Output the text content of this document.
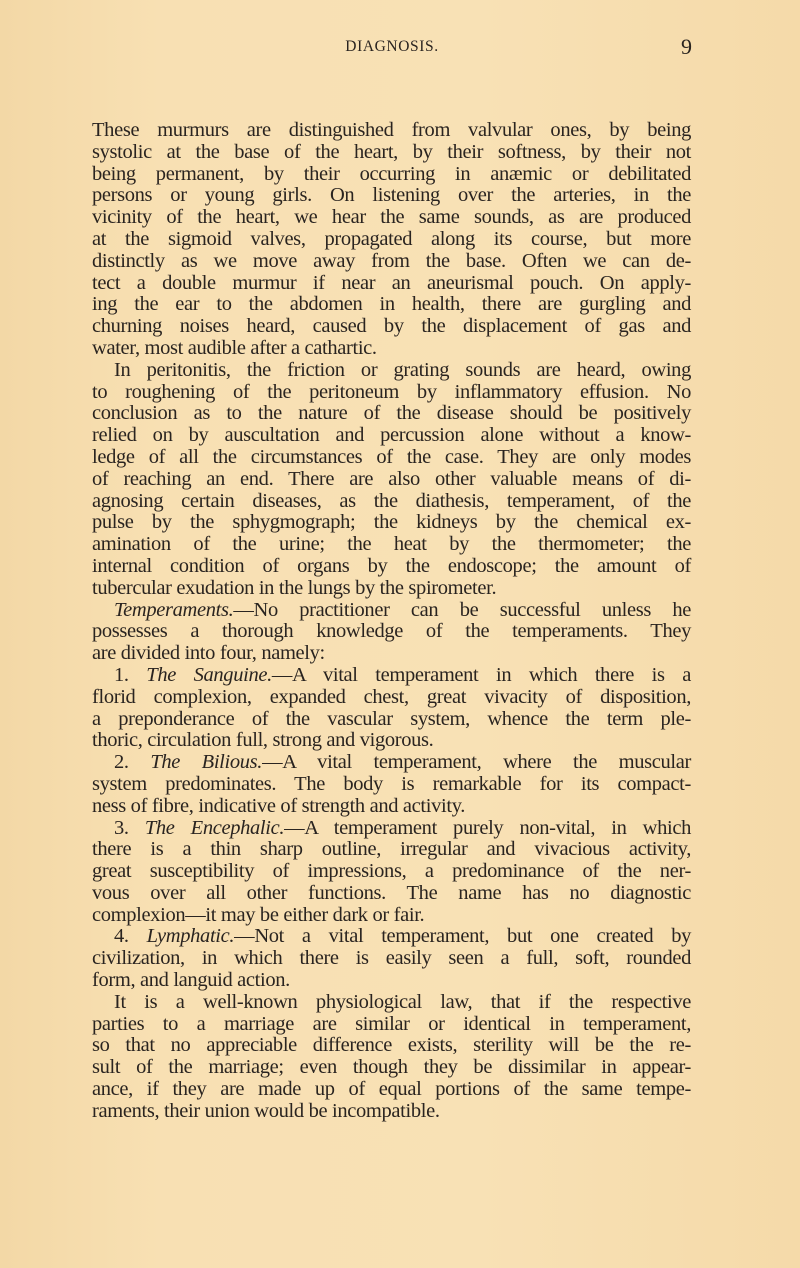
DIAGNOSIS.	9
These murmurs are distinguished from valvular ones, by being
systolic at the base of the heart, by their softness, by their not
being permanent, by their occurring in anæmic or debilitated
persons or young girls. On listening over the arteries, in the
vicinity of the heart, we hear the same sounds, as are produced
at the sigmoid valves, propagated along its course, but more
distinctly as we move away from the base. Often we can de-
tect a double murmur if near an aneurismal pouch. On apply-
ing the ear to the abdomen in health, there are gurgling and
churning noises heard, caused by the displacement of gas and
water, most audible after a cathartic.
In peritonitis, the friction or grating sounds are heard, owing
to roughening of the peritoneum by inflammatory effusion. No
conclusion as to the nature of the disease should be positively
relied on by auscultation and percussion alone without a know-
ledge of all the circumstances of the case. They are only modes
of reaching an end. There are also other valuable means of di-
agnosing certain diseases, as the diathesis, temperament, of the
pulse by the sphygmograph; the kidneys by the chemical ex-
amination of the urine; the heat by the thermometer; the
internal condition of organs by the endoscope; the amount of
tubercular exudation in the lungs by the spirometer.
Temperaments.—No practitioner can be successful unless he
possesses a thorough knowledge of the temperaments. They
are divided into four, namely:
1. The Sanguine.—A vital temperament in which there is a
florid complexion, expanded chest, great vivacity of disposition,
a preponderance of the vascular system, whence the term ple-
thoric, circulation full, strong and vigorous.
2. The Bilious.—A vital temperament, where the muscular
system predominates. The body is remarkable for its compact-
ness of fibre, indicative of strength and activity.
3. The Encephalic.—A temperament purely non-vital, in which
there is a thin sharp outline, irregular and vivacious activity,
great susceptibility of impressions, a predominance of the ner-
vous over all other functions. The name has no diagnostic
complexion—it may be either dark or fair.
4. Lymphatic.—Not a vital temperament, but one created by
civilization, in which there is easily seen a full, soft, rounded
form, and languid action.
It is a well-known physiological law, that if the respective
parties to a marriage are similar or identical in temperament,
so that no appreciable difference exists, sterility will be the re-
sult of the marriage; even though they be dissimilar in appear-
ance, if they are made up of equal portions of the same tempe-
raments, their union would be incompatible.
